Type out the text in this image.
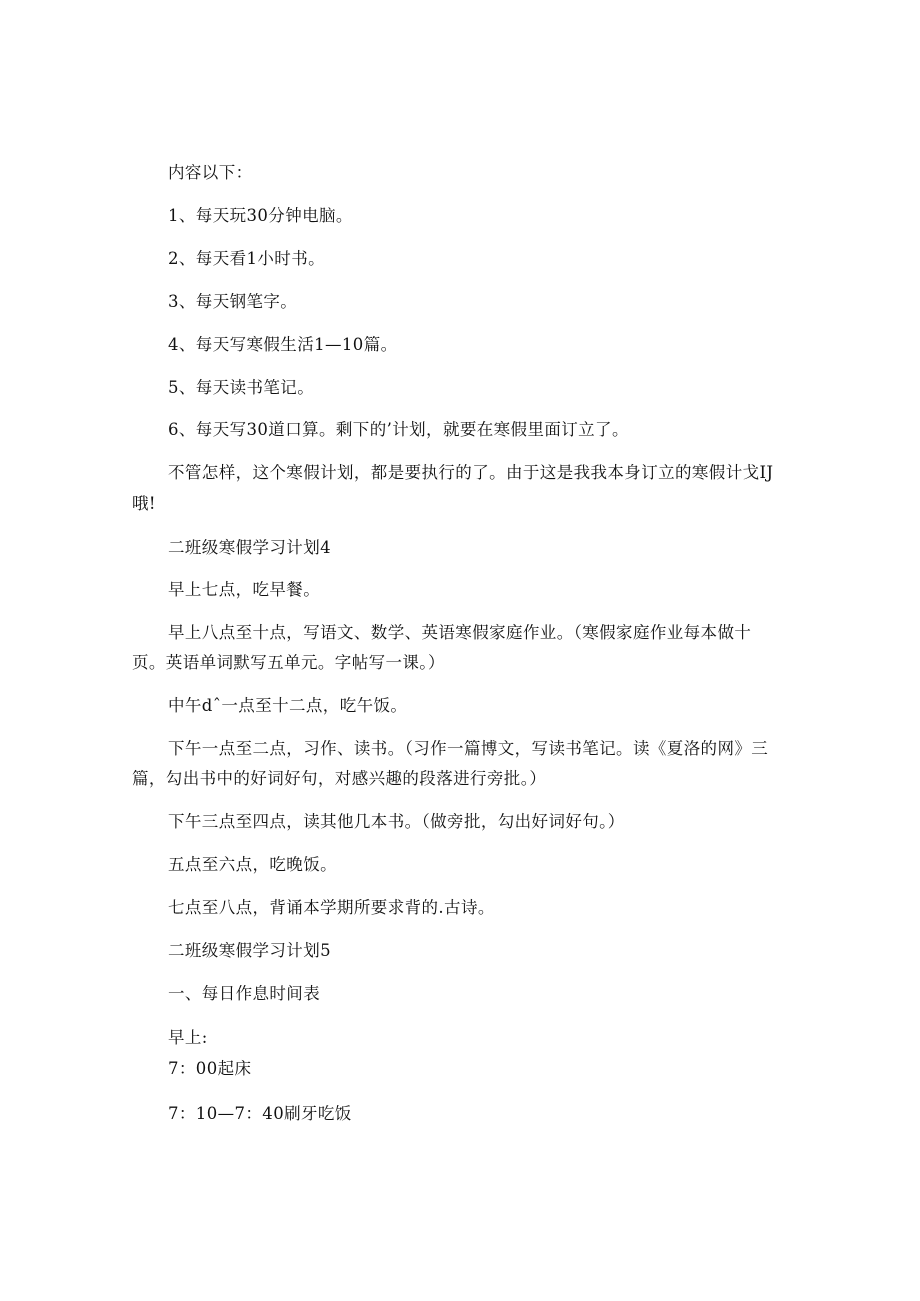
内容以下：
1、每天玩30分钟电脑。
2、每天看1小时书。
3、每天钢笔字。
4、每天写寒假生活1—10篇。
5、每天读书笔记。
6、每天写30道口算。剩下的’计划，就要在寒假里面订立了。
不管怎样，这个寒假计划，都是要执行的了。由于这是我我本身订立的寒假计戈IJ
哦!
二班级寒假学习计划4
早上七点，吃早餐。
早上八点至十点，写语文、数学、英语寒假家庭作业。（寒假家庭作业每本做十
页。英语单词默写五单元。字帖写一课。）
中午dˆ一点至十二点，吃午饭。
下午一点至二点，习作、读书。（习作一篇博文，写读书笔记。读《夏洛的网》三
篇，勾出书中的好词好句，对感兴趣的段落进行旁批。）
下午三点至四点，读其他几本书。（做旁批，勾出好词好句。）
五点至六点，吃晚饭。
七点至八点，背诵本学期所要求背的.古诗。
二班级寒假学习计划5
一、每日作息时间表
早上:
7：00起床
7：10—7：40刷牙吃饭
